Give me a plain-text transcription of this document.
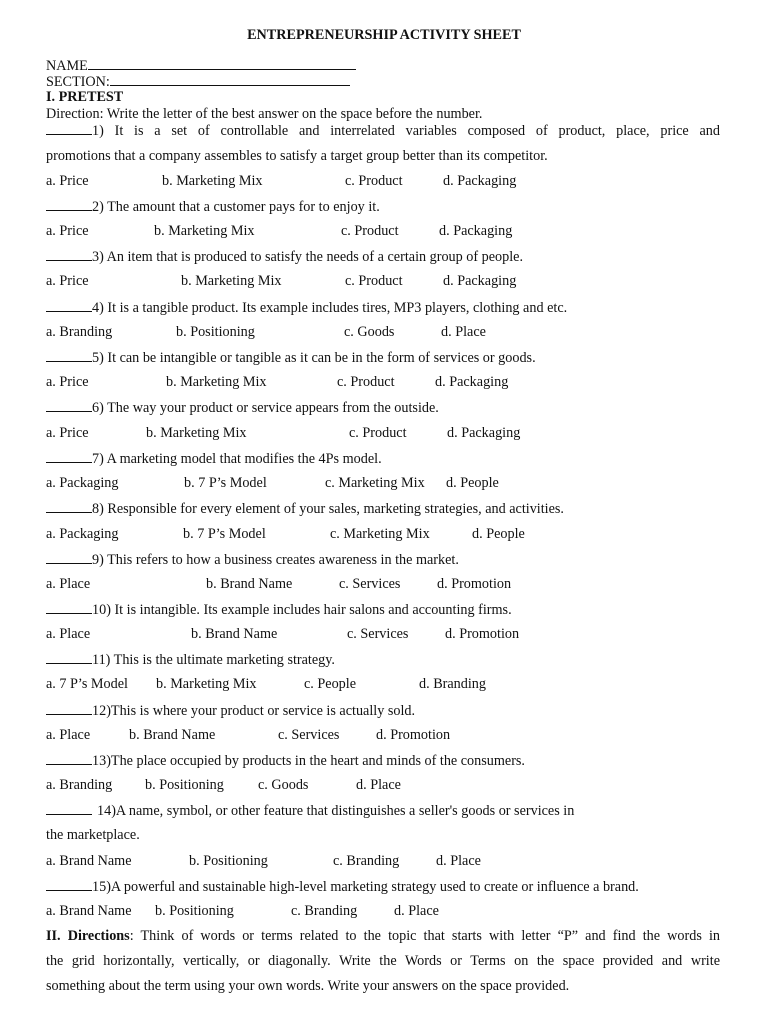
ENTREPRENEURSHIP ACTIVITY SHEET
NAME
SECTION:
I. PRETEST
Direction: Write the letter of the best answer on the space before the number.
1) It is a set of controllable and interrelated variables composed of product, place, price and
promotions that a company assembles to satisfy a target group better than its competitor.
a. Price	b. Marketing Mix	c. Product	d. Packaging
2) The amount that a customer pays for to enjoy it.
a. Price	b. Marketing Mix	c. Product	d. Packaging
3) An item that is produced to satisfy the needs of a certain group of people.
a. Price	b. Marketing Mix	c. Product	d. Packaging
4) It is a tangible product. Its example includes tires, MP3 players, clothing and etc.
a. Branding	b. Positioning	c. Goods	d. Place
5) It can be intangible or tangible as it can be in the form of services or goods.
a. Price	b. Marketing Mix	c. Product	d. Packaging
6) The way your product or service appears from the outside.
a. Price	b. Marketing Mix	c. Product	d. Packaging
7) A marketing model that modifies the 4Ps model.
a. Packaging	b. 7 P’s Model	c. Marketing Mix d. People
8) Responsible for every element of your sales, marketing strategies, and activities.
a. Packaging	b. 7 P’s Model	c. Marketing Mix	d. People
9) This refers to how a business creates awareness in the market.
a. Place	b. Brand Name	c. Services	d. Promotion
10) It is intangible. Its example includes hair salons and accounting firms.
a. Place	b. Brand Name	c. Services	d. Promotion
11) This is the ultimate marketing strategy.
a. 7 P’s Model b. Marketing Mix	c. People	d. Branding
12)This is where your product or service is actually sold.
a. Place	b. Brand Name	c. Services	d. Promotion
13)The place occupied by products in the heart and minds of the consumers.
a. Branding b. Positioning c. Goods	d. Place
14)A name, symbol, or other feature that distinguishes a seller's goods or services in
the marketplace.
a. Brand Name	b. Positioning	c. Branding	d. Place
15)A powerful and sustainable high-level marketing strategy used to create or influence a brand.
a. Brand Name b. Positioning	c. Branding	d. Place
II. Directions: Think of words or terms related to the topic that starts with letter “P” and find the words in
the grid horizontally, vertically, or diagonally. Write the Words or Terms on the space provided and write
something about the term using your own words. Write your answers on the space provided.
